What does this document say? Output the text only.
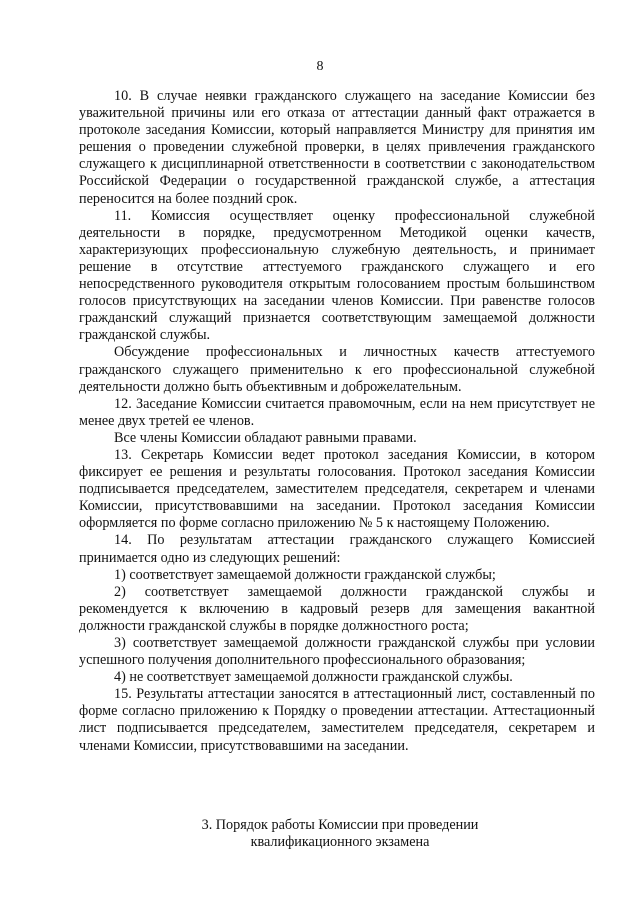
8

10. В случае неявки гражданского служащего на заседание Комиссии без уважительной причины или его отказа от аттестации данный факт отражается в протоколе заседания Комиссии, который направляется Министру для принятия им решения о проведении служебной проверки, в целях привлечения гражданского служащего к дисциплинарной ответственности в соответствии с законодательством Российской Федерации о государственной гражданской службе, а аттестация переносится на более поздний срок.

11. Комиссия осуществляет оценку профессиональной служебной деятельности в порядке, предусмотренном Методикой оценки качеств, характеризующих профессиональную служебную деятельность, и принимает решение в отсутствие аттестуемого гражданского служащего и его непосредственного руководителя открытым голосованием простым большинством голосов присутствующих на заседании членов Комиссии. При равенстве голосов гражданский служащий признается соответствующим замещаемой должности гражданской службы.

Обсуждение профессиональных и личностных качеств аттестуемого гражданского служащего применительно к его профессиональной служебной деятельности должно быть объективным и доброжелательным.

12. Заседание Комиссии считается правомочным, если на нем присутствует не менее двух третей ее членов.

Все члены Комиссии обладают равными правами.

13. Секретарь Комиссии ведет протокол заседания Комиссии, в котором фиксирует ее решения и результаты голосования. Протокол заседания Комиссии подписывается председателем, заместителем председателя, секретарем и членами Комиссии, присутствовавшими на заседании. Протокол заседания Комиссии оформляется по форме согласно приложению № 5 к настоящему Положению.

14. По результатам аттестации гражданского служащего Комиссией принимается одно из следующих решений:

1) соответствует замещаемой должности гражданской службы;

2) соответствует замещаемой должности гражданской службы и рекомендуется к включению в кадровый резерв для замещения вакантной должности гражданской службы в порядке должностного роста;

3) соответствует замещаемой должности гражданской службы при условии успешного получения дополнительного профессионального образования;

4) не соответствует замещаемой должности гражданской службы.

15. Результаты аттестации заносятся в аттестационный лист, составленный по форме согласно приложению к Порядку о проведении аттестации. Аттестационный лист подписывается председателем, заместителем председателя, секретарем и членами Комиссии, присутствовавшими на заседании.

3. Порядок работы Комиссии при проведении
квалификационного экзамена
